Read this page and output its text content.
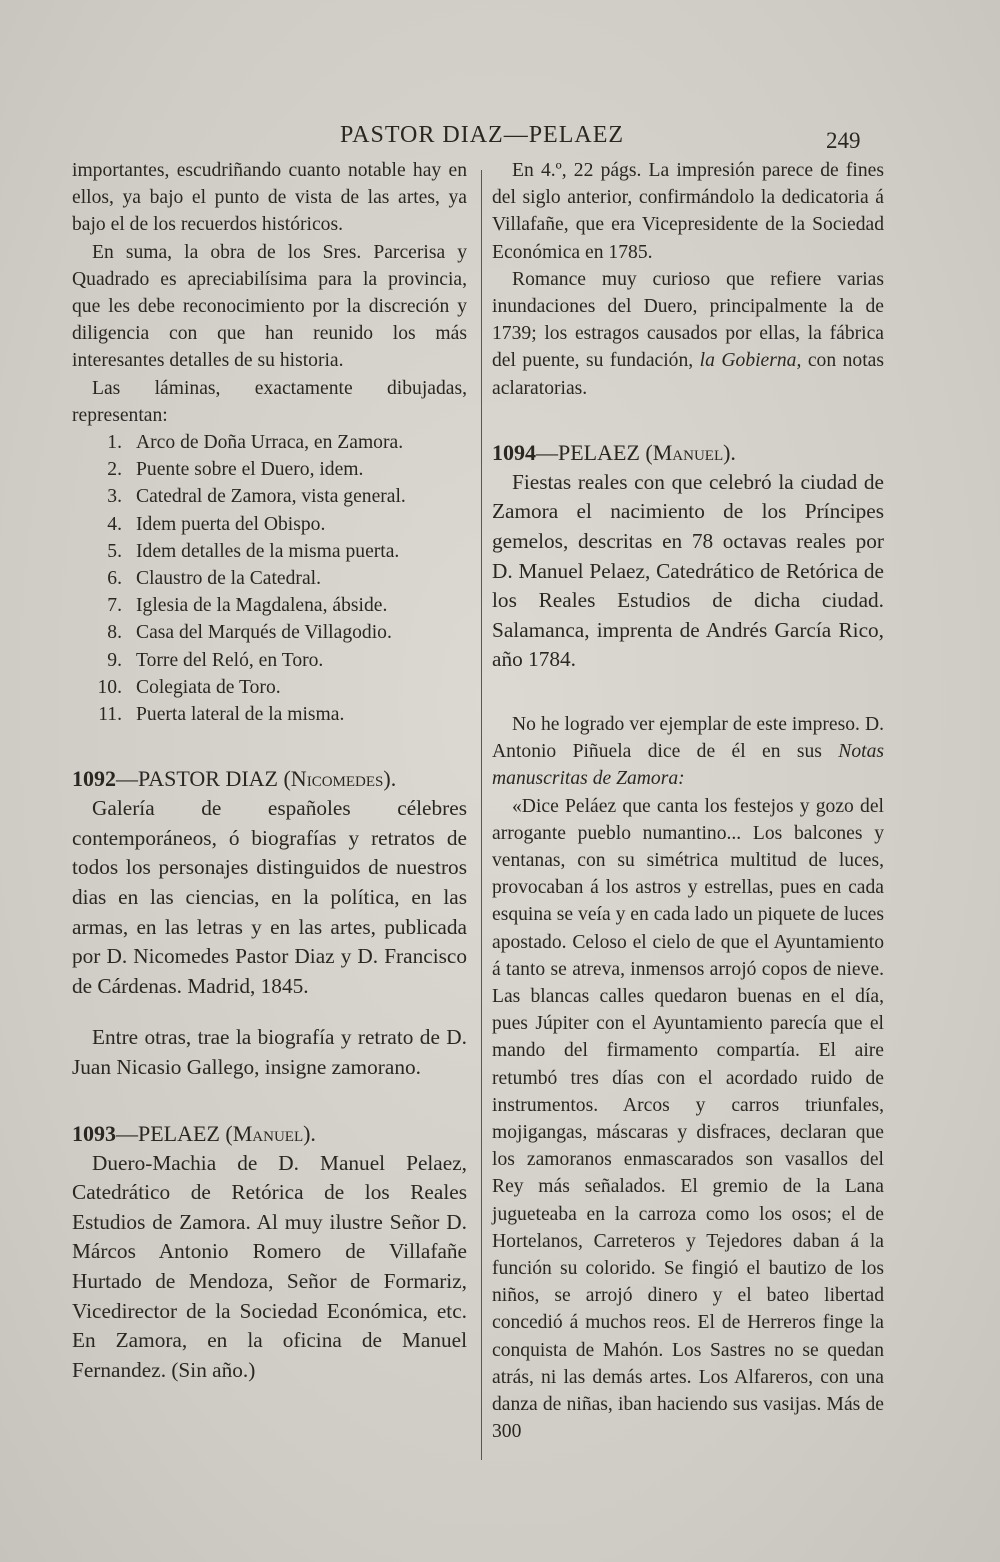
PASTOR DIAZ—PELAEZ	249

importantes, escudriñando cuanto notable hay en ellos, ya bajo el punto de vista de las artes, ya bajo el de los recuerdos históricos.

En suma, la obra de los Sres. Parcerisa y Quadrado es apreciabilísima para la provincia, que les debe reconocimiento por la discreción y diligencia con que han reunido los más interesantes detalles de su historia.

Las láminas, exactamente dibujadas, representan:

1. Arco de Doña Urraca, en Zamora.
2. Puente sobre el Duero, idem.
3. Catedral de Zamora, vista general.
4. Idem puerta del Obispo.
5. Idem detalles de la misma puerta.
6. Claustro de la Catedral.
7. Iglesia de la Magdalena, ábside.
8. Casa del Marqués de Villagodio.
9. Torre del Reló, en Toro.
10. Colegiata de Toro.
11. Puerta lateral de la misma.

1092—PASTOR DIAZ (Nicomedes).

Galería de españoles célebres contemporáneos, ó biografías y retratos de todos los personajes distinguidos de nuestros dias en las ciencias, en la política, en las armas, en las letras y en las artes, publicada por D. Nicomedes Pastor Diaz y D. Francisco de Cárdenas. Madrid, 1845.

Entre otras, trae la biografía y retrato de D. Juan Nicasio Gallego, insigne zamorano.

1093—PELAEZ (Manuel).

Duero-Machia de D. Manuel Pelaez, Catedrático de Retórica de los Reales Estudios de Zamora. Al muy ilustre Señor D. Márcos Antonio Romero de Villafañe Hurtado de Mendoza, Señor de Formariz, Vicedirector de la Sociedad Económica, etc. En Zamora, en la oficina de Manuel Fernandez. (Sin año.)

En 4.º, 22 págs. La impresión parece de fines del siglo anterior, confirmándolo la dedicatoria á Villafañe, que era Vicepresidente de la Sociedad Económica en 1785.

Romance muy curioso que refiere varias inundaciones del Duero, principalmente la de 1739; los estragos causados por ellas, la fábrica del puente, su fundación, la Gobierna, con notas aclaratorias.

1094—PELAEZ (Manuel).

Fiestas reales con que celebró la ciudad de Zamora el nacimiento de los Príncipes gemelos, descritas en 78 octavas reales por D. Manuel Pelaez, Catedrático de Retórica de los Reales Estudios de dicha ciudad. Salamanca, imprenta de Andrés García Rico, año 1784.

No he logrado ver ejemplar de este impreso. D. Antonio Piñuela dice de él en sus Notas manuscritas de Zamora:

«Dice Peláez que canta los festejos y gozo del arrogante pueblo numantino... Los balcones y ventanas, con su simétrica multitud de luces, provocaban á los astros y estrellas, pues en cada esquina se veía y en cada lado un piquete de luces apostado. Celoso el cielo de que el Ayuntamiento á tanto se atreva, inmensos arrojó copos de nieve. Las blancas calles quedaron buenas en el día, pues Júpiter con el Ayuntamiento parecía que el mando del firmamento compartía. El aire retumbó tres días con el acordado ruido de instrumentos. Arcos y carros triunfales, mojigangas, máscaras y disfraces, declaran que los zamoranos enmascarados son vasallos del Rey más señalados. El gremio de la Lana jugueteaba en la carroza como los osos; el de Hortelanos, Carreteros y Tejedores daban á la función su colorido. Se fingió el bautizo de los niños, se arrojó dinero y el bateo libertad concedió á muchos reos. El de Herreros finge la conquista de Mahón. Los Sastres no se quedan atrás, ni las demás artes. Los Alfareros, con una danza de niñas, iban haciendo sus vasijas. Más de 300
